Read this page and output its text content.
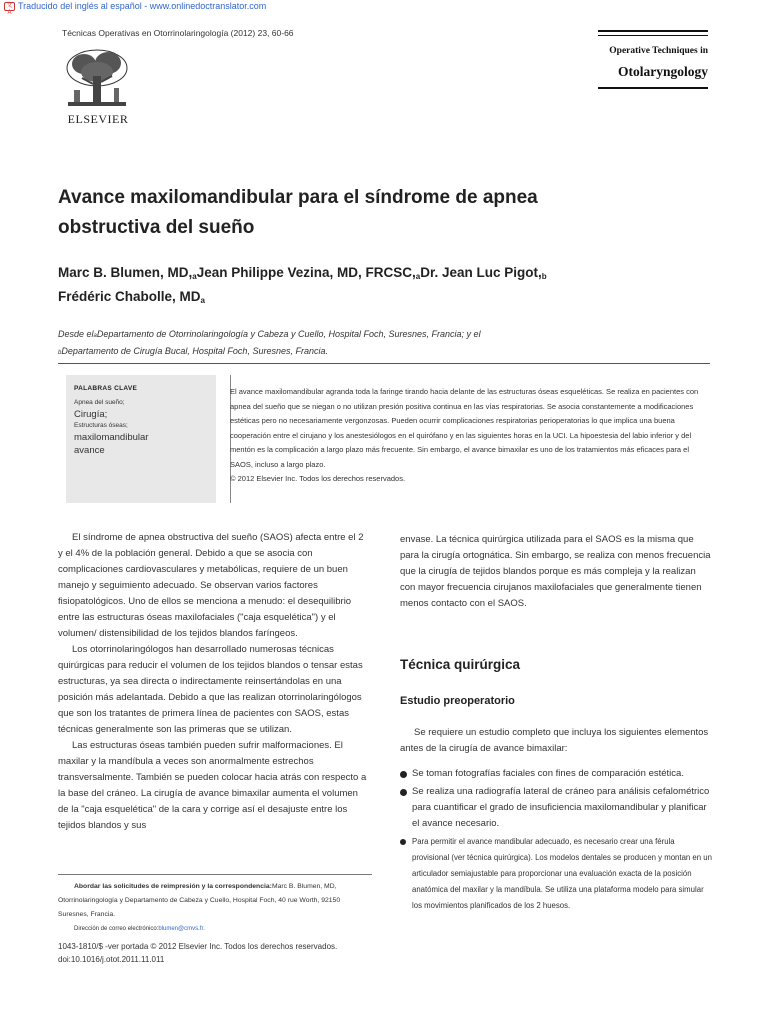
文A
Traducido del inglés al español - www.onlinedoctranslator.com
Técnicas Operativas en Otorrinolaringología (2012) 23, 60-66
ELSEVIER
Operative Techniques in
Otolaryngology
Avance maxilomandibular para el síndrome de apnea obstructiva del sueño
Marc B. Blumen, $MD,_aJean$ Philippe Vezina, MD, $FRCSC,_aDr$. Jean Luc $Pigot,_b$
Frédéric Chabolle, $MD_a$
Desde elaDepartamento de Otorrinolaringología y Cabeza y Cuello, Hospital Foch, Suresnes, Francia; y el
bDepartamento de Cirugía Bucal, Hospital Foch, Suresnes, Francia.
PALABRAS CLAVE
Apnea del sueño;
Cirugía;
Estructuras óseas;
maxilomandibular
avance
El avance maxilomandibular agranda toda la faringe tirando hacia delante de las estructuras óseas esqueléticas. Se realiza en pacientes con apnea del sueño que se niegan o no utilizan presión positiva continua en las vías respiratorias. Se asocia constantemente a modificaciones estéticas pero no necesariamente vergonzosas. Pueden ocurrir complicaciones respiratorias perioperatorias lo que implica una buena cooperación entre el cirujano y los anestesiólogos en el quirófano y en las siguientes horas en la UCI. La hipoestesia del labio inferior y del mentón es la complicación a largo plazo más frecuente. Sin embargo, el avance bimaxilar es uno de los tratamientos más eficaces para el SAOS, incluso a largo plazo.
© 2012 Elsevier Inc. Todos los derechos reservados.

El síndrome de apnea obstructiva del sueño (SAOS) afecta entre el 2 y el 4% de la población general. Debido a que se asocia con complicaciones cardiovasculares y metabólicas, requiere de un buen manejo y seguimiento adecuado. Se observan varios factores fisiopatológicos. Uno de ellos se menciona a menudo: el desequilibrio entre las estructuras óseas maxilofaciales ("caja esquelética") y el volumen/ distensibilidad de los tejidos blandos faríngeos.

Los otorrinolaringólogos han desarrollado numerosas técnicas quirúrgicas para reducir el volumen de los tejidos blandos o tensar estas estructuras, ya sea directa o indirectamente reinsertándolas en una posición más adelantada. Debido a que las realizan otorrinolaringólogos que son los tratantes de primera línea de pacientes con SAOS, estas técnicas generalmente son las primeras que se utilizan.

Las estructuras óseas también pueden sufrir malformaciones. El maxilar y la mandíbula a veces son anormalmente estrechos transversalmente. También se pueden colocar hacia atrás con respecto a la base del cráneo. La cirugía de avance bimaxilar aumenta el volumen de la "caja esquelética" de la cara y corrige así el desajuste entre los tejidos blandos y sus

envase. La técnica quirúrgica utilizada para el SAOS es la misma que para la cirugía ortognática. Sin embargo, se realiza con menos frecuencia que la cirugía de tejidos blandos porque es más compleja y la realizan con mayor frecuencia cirujanos maxilofaciales que generalmente tienen menos contacto con el SAOS.

Técnica quirúrgica
Estudio preoperatorio

Se requiere un estudio completo que incluya los siguientes elementos antes de la cirugía de avance bimaxilar:

Se toman fotografías faciales con fines de comparación estética.
Se realiza una radiografía lateral de cráneo para análisis cefalométrico para cuantificar el grado de insuficiencia maxilomandibular y planificar el avance necesario.
Para permitir el avance mandibular adecuado, es necesario crear una férula provisional (ver técnica quirúrgica). Los modelos dentales se producen y montan en un articulador semiajustable para proporcionar una evaluación exacta de la posición anatómica del maxilar y la mandíbula. Se utiliza una plataforma modelo para simular los movimientos planificados de los 2 huesos.
Abordar las solicitudes de reimpresión y la correspondencia:Marc B. Blumen, MD, Otorrinolaringología y Departamento de Cabeza y Cuello, Hospital Foch, 40 rue Worth, 92150 Suresnes, Francia.
Dirección de correo electrónico:blumen@cmvs.fr.
1043-1810/$ -ver portada © 2012 Elsevier Inc. Todos los derechos reservados.
doi:10.1016/j.otot.2011.11.011
